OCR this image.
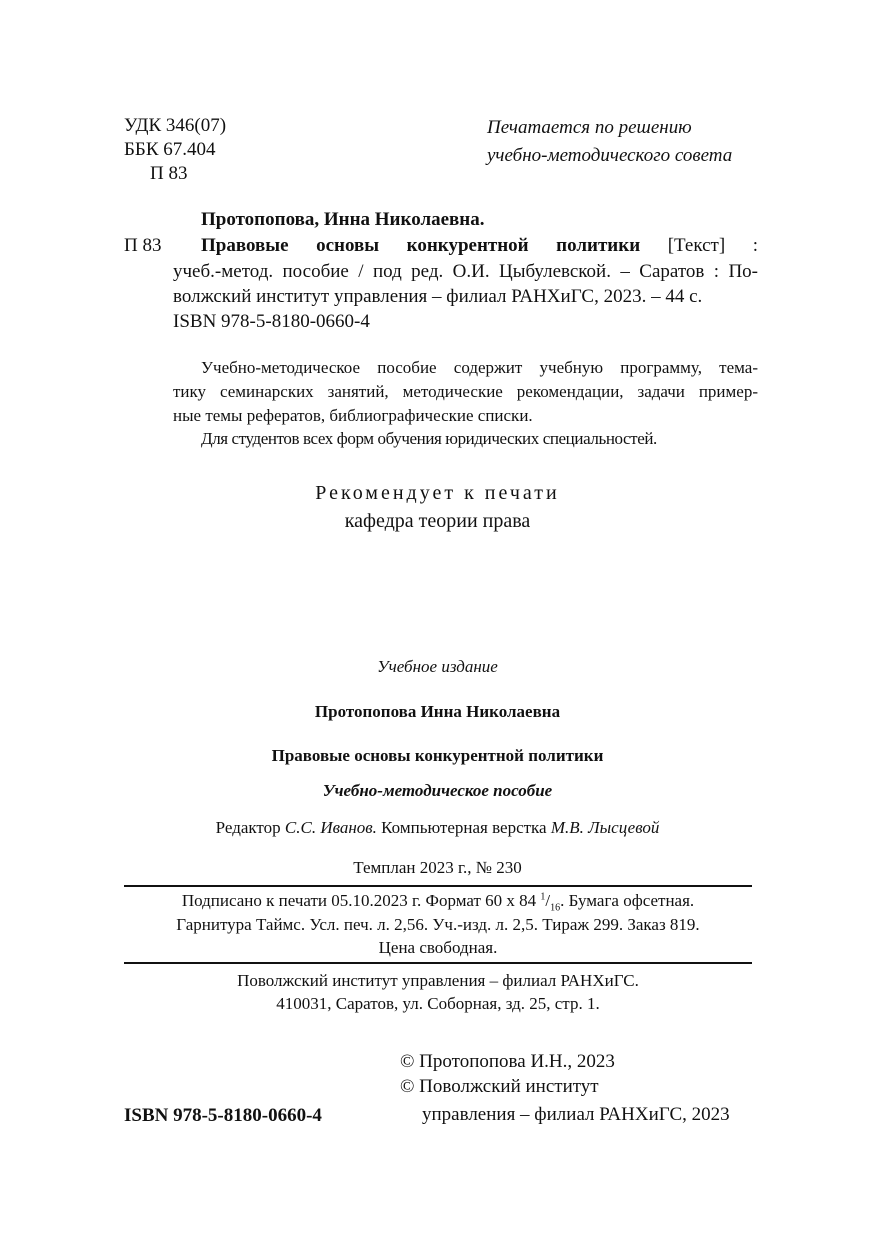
УДК 346(07)
ББК 67.404
П 83
Печатается по решению
учебно-методического совета
Протопопова, Инна Николаевна.
П 83 Правовые основы конкурентной политики [Текст] :
учеб.-метод. пособие / под ред. О.И. Цыбулевской. – Саратов : По-
волжский институт управления – филиал РАНХиГС, 2023. – 44 с.
ISBN 978-5-8180-0660-4
Учебно-методическое пособие содержит учебную программу, тема-
тику семинарских занятий, методические рекомендации, задачи пример-
ные темы рефератов, библиографические списки.
Для студентов всех форм обучения юридических специальностей.
Рекомендует к печати
кафедра теории права
Учебное издание
Протопопова Инна Николаевна
Правовые основы конкурентной политики
Учебно-методическое пособие
Редактор С.С. Иванов. Компьютерная верстка М.В. Лысцевой
Темплан 2023 г., № 230
Подписано к печати 05.10.2023 г. Формат 60 x 84 $^1/_{16}$. Бумага офсетная.
Гарнитура Таймс. Усл. печ. л. 2,56. Уч.-изд. л. 2,5. Тираж 299. Заказ 819.
Цена свободная.
Поволжский институт управления – филиал РАНХиГС.
410031, Саратов, ул. Соборная, зд. 25, стр. 1.
© Протопопова И.Н., 2023
© Поволжский институт
управления – филиал РАНХиГС, 2023
ISBN 978-5-8180-0660-4
